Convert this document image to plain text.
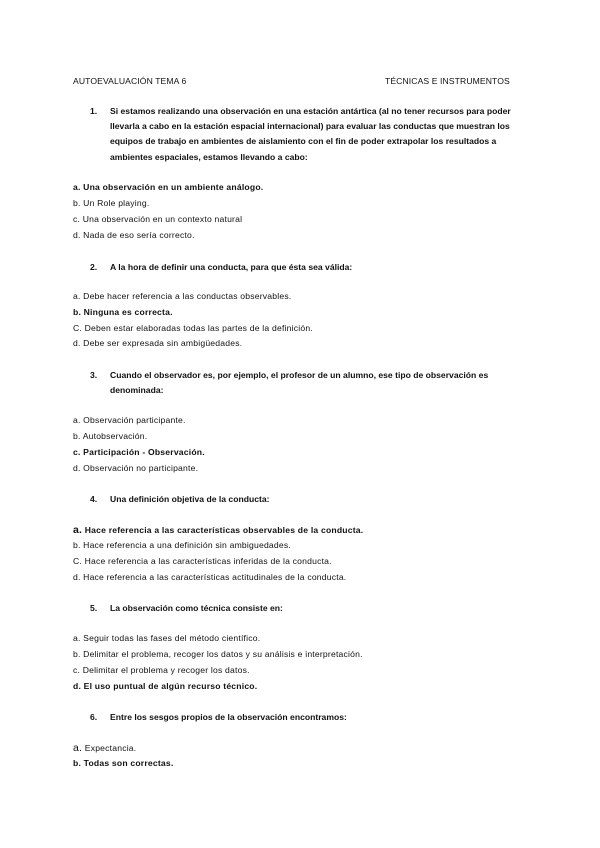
AUTOEVALUACIÓN TEMA 6	TÉCNICAS E INSTRUMENTOS
1. Si estamos realizando una observación en una estación antártica (al no tener recursos para poder llevarla a cabo en la estación espacial internacional) para evaluar las conductas que muestran los equipos de trabajo en ambientes de aislamiento con el fin de poder extrapolar los resultados a ambientes espaciales, estamos llevando a cabo:
a. Una observación en un ambiente análogo.
b. Un Role playing.
c. Una observación en un contexto natural
d. Nada de eso sería correcto.
2. A la hora de definir una conducta, para que ésta sea válida:
a. Debe hacer referencia a las conductas observables.
b. Ninguna es correcta.
C. Deben estar elaboradas todas las partes de la definición.
d. Debe ser expresada sin ambigüedades.
3. Cuando el observador es, por ejemplo, el profesor de un alumno, ese tipo de observación es denominada:
a. Observación participante.
b. Autobservación.
c. Participación - Observación.
d. Observación no participante.
4. Una definición objetiva de la conducta:
a. Hace referencia a las características observables de la conducta.
b. Hace referencia a una definición sin ambiguedades.
C. Hace referencia a las características inferidas de la conducta.
d. Hace referencia a las características actitudinales de la conducta.
5. La observación como técnica consiste en:
a. Seguir todas las fases del método científico.
b. Delimitar el problema, recoger los datos y su análisis e interpretación.
c. Delimitar el problema y recoger los datos.
d. El uso puntual de algún recurso técnico.
6. Entre los sesgos propios de la observación encontramos:
a. Expectancia.
b. Todas son correctas.
